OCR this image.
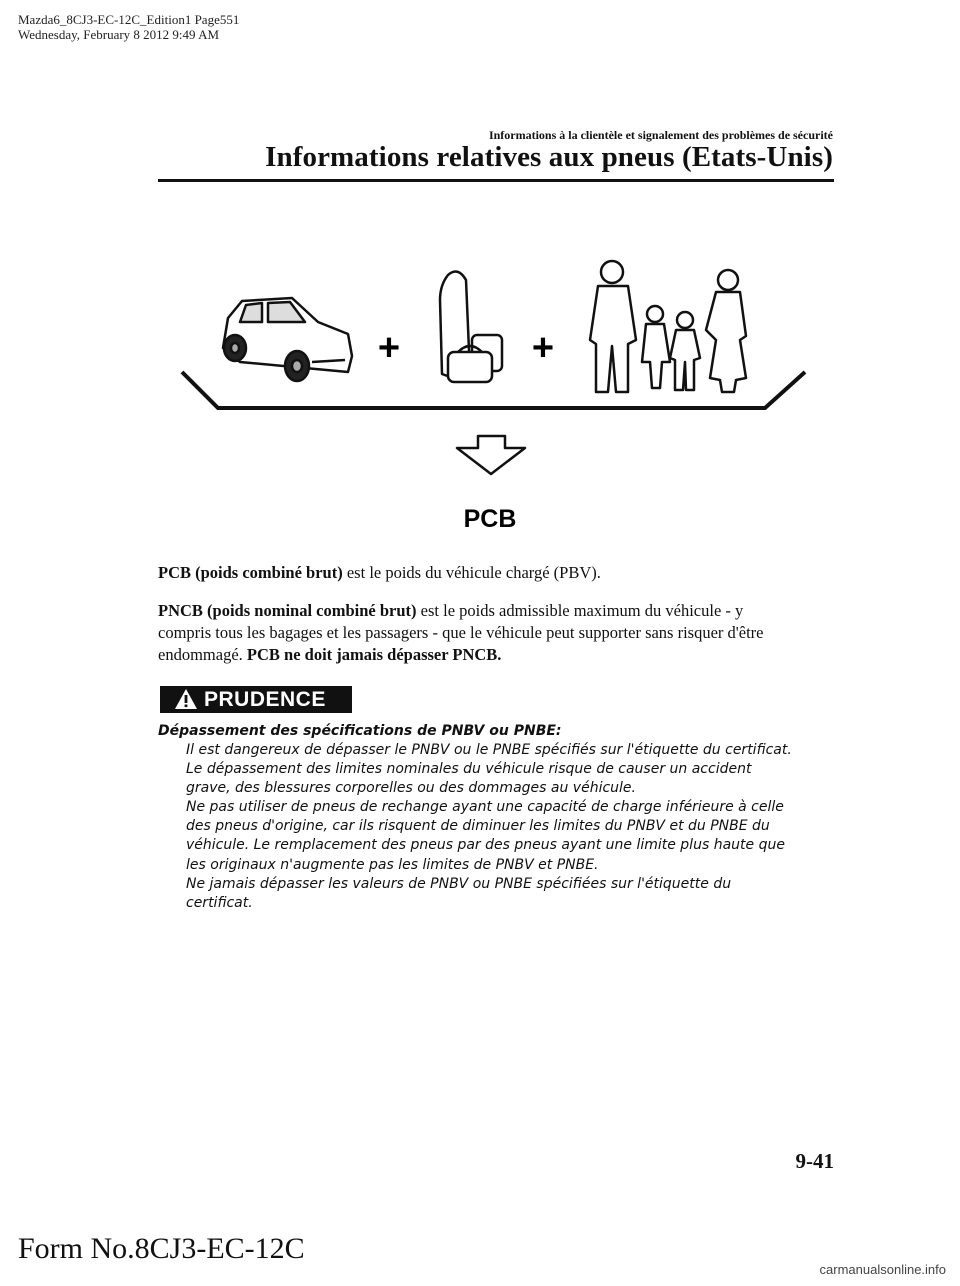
Mazda6_8CJ3-EC-12C_Edition1 Page551
Wednesday, February 8 2012 9:49 AM
Informations à la clientèle et signalement des problèmes de sécurité
Informations relatives aux pneus (Etats-Unis)
+	+
PCB
PCB (poids combiné brut) est le poids du véhicule chargé (PBV).
PNCB (poids nominal combiné brut) est le poids admissible maximum du véhicule - y
compris tous les bagages et les passagers - que le véhicule peut supporter sans risquer d'être
endommagé. PCB ne doit jamais dépasser PNCB.
PRUDENCE
Dépassement des spécifications de PNBV ou PNBE:
Il est dangereux de dépasser le PNBV ou le PNBE spécifiés sur l'étiquette du certificat.
Le dépassement des limites nominales du véhicule risque de causer un accident
grave, des blessures corporelles ou des dommages au véhicule.
Ne pas utiliser de pneus de rechange ayant une capacité de charge inférieure à celle
des pneus d'origine, car ils risquent de diminuer les limites du PNBV et du PNBE du
véhicule. Le remplacement des pneus par des pneus ayant une limite plus haute que
les originaux n'augmente pas les limites de PNBV et PNBE.
Ne jamais dépasser les valeurs de PNBV ou PNBE spécifiées sur l'étiquette du
certificat.
9-41
Form No.8CJ3-EC-12C
carmanualsonline.info
